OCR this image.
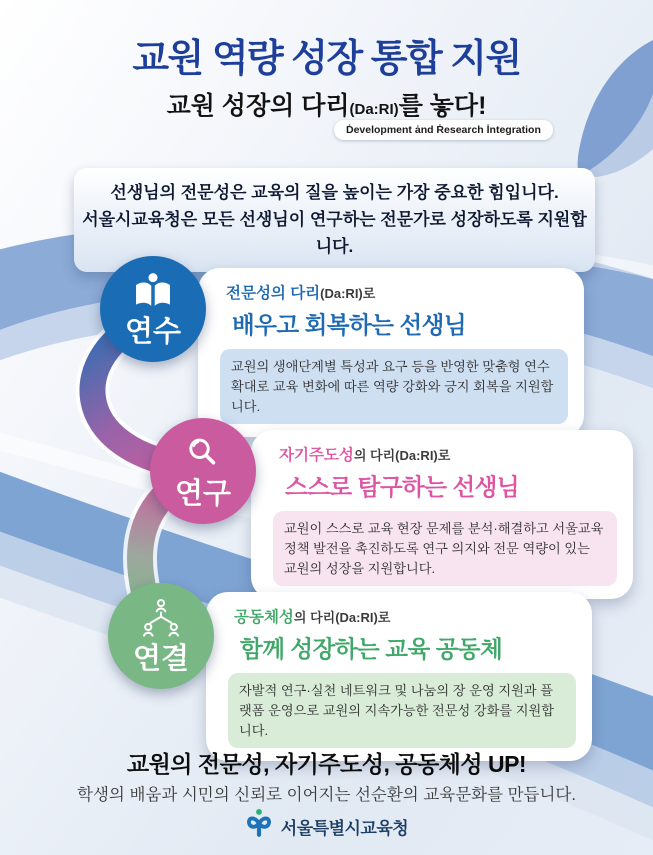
교원 역량 성장 통합 지원
교원 성장의 다리(Da:RI)를 놓다!
Ḋevelopment ȧnd Ṙesearch İntegration
선생님의 전문성은 교육의 질을 높이는 가장 중요한 힘입니다.
서울시교육청은 모든 선생님이 연구하는 전문가로 성장하도록 지원합니다.
연수
전문성의 다리(Da:RI)로
배우고 회복하는 선생님
교원의 생애단계별 특성과 요구 등을 반영한 맞춤형 연수 확대로 교육 변화에 따른 역량 강화와 긍지 회복을 지원합니다.
연구
자기주도성의 다리(Da:RI)로
스스로 탐구하는 선생님
교원이 스스로 교육 현장 문제를 분석·해결하고 서울교육 정책 발전을 촉진하도록 연구 의지와 전문 역량이 있는 교원의 성장을 지원합니다.
연결
공동체성의 다리(Da:RI)로
함께 성장하는 교육 공동체
자발적 연구·실천 네트워크 및 나눔의 장 운영 지원과 플랫폼 운영으로 교원의 지속가능한 전문성 강화를 지원합니다.
교원의 전문성, 자기주도성, 공동체성 UP!
학생의 배움과 시민의 신뢰로 이어지는 선순환의 교육문화를 만듭니다.
서울특별시교육청
